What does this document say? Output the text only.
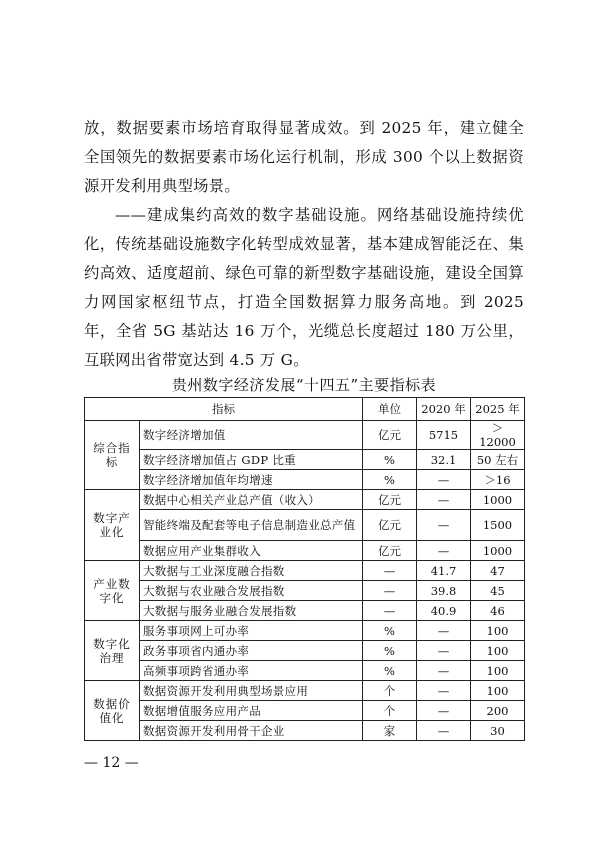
放，数据要素市场培育取得显著成效。到 2025 年，建立健全全国领先的数据要素市场化运行机制，形成 300 个以上数据资源开发利用典型场景。

——建成集约高效的数字基础设施。网络基础设施持续优化，传统基础设施数字化转型成效显著，基本建成智能泛在、集约高效、适度超前、绿色可靠的新型数字基础设施，建设全国算力网国家枢纽节点，打造全国数据算力服务高地。到 2025 年，全省 5G 基站达 16 万个，光缆总长度超过 180 万公里，互联网出省带宽达到 4.5 万 G。

贵州数字经济发展“十四五”主要指标表

指标		单位	2020 年	2025 年
综合指标	数字经济增加值	亿元	5715	＞12000
	数字经济增加值占 GDP 比重	%	32.1	50 左右
	数字经济增加值年均增速	%	—	＞16
数字产业化	数据中心相关产业总产值（收入）	亿元	—	1000
	智能终端及配套等电子信息制造业总产值	亿元	—	1500
	数据应用产业集群收入	亿元	—	1000
产业数字化	大数据与工业深度融合指数	—	41.7	47
	大数据与农业融合发展指数	—	39.8	45
	大数据与服务业融合发展指数	—	40.9	46
数字化治理	服务事项网上可办率	%	—	100
	政务事项省内通办率	%	—	100
	高频事项跨省通办率	%	—	100
数据价值化	数据资源开发利用典型场景应用	个	—	100
	数据增值服务应用产品	个	—	200
	数据资源开发利用骨干企业	家	—	30

— 12 —
